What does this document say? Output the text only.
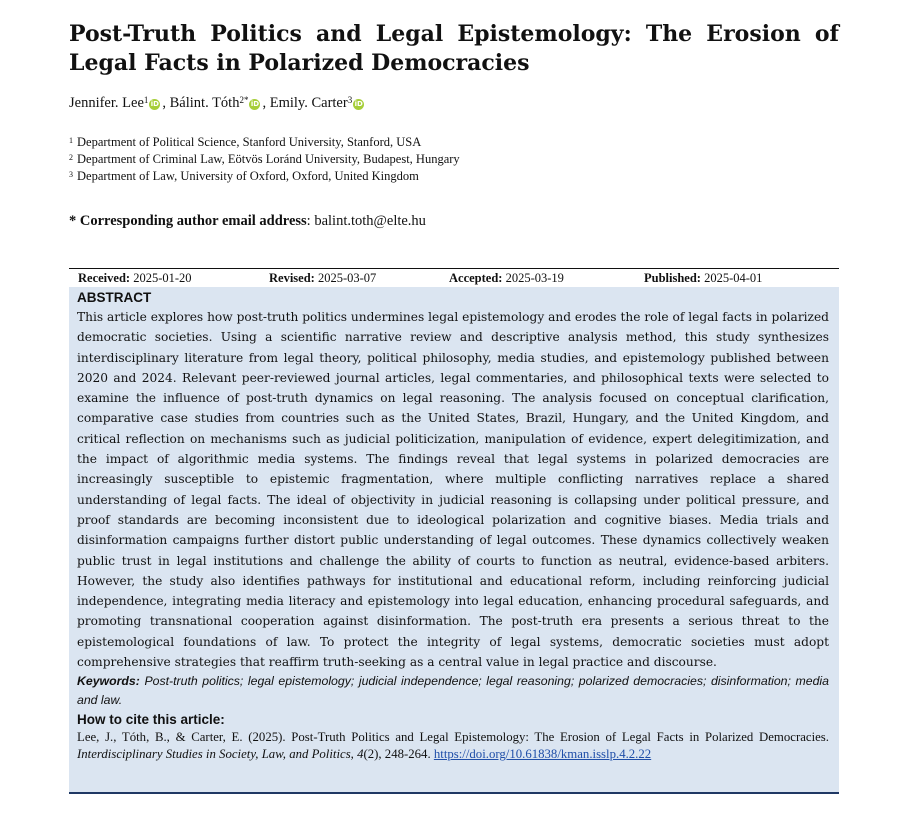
Post-Truth Politics and Legal Epistemology: The Erosion of Legal Facts in Polarized Democracies
Jennifer. Lee$^1$ iD , Bálint. Tóth$^{2*}$ iD , Emily. Carter$^3$ iD
$^1$ Department of Political Science, Stanford University, Stanford, USA
$^2$ Department of Criminal Law, Eötvös Loránd University, Budapest, Hungary
$^3$ Department of Law, University of Oxford, Oxford, United Kingdom
* Corresponding author email address: balint.toth@elte.hu
Received: 2025-01-20	Revised: 2025-03-07	Accepted: 2025-03-19	Published: 2025-04-01
ABSTRACT
This article explores how post-truth politics undermines legal epistemology and erodes the role of legal facts in polarized democratic societies. Using a scientific narrative review and descriptive analysis method, this study synthesizes interdisciplinary literature from legal theory, political philosophy, media studies, and epistemology published between 2020 and 2024. Relevant peer-reviewed journal articles, legal commentaries, and philosophical texts were selected to examine the influence of post-truth dynamics on legal reasoning. The analysis focused on conceptual clarification, comparative case studies from countries such as the United States, Brazil, Hungary, and the United Kingdom, and critical reflection on mechanisms such as judicial politicization, manipulation of evidence, expert delegitimization, and the impact of algorithmic media systems. The findings reveal that legal systems in polarized democracies are increasingly susceptible to epistemic fragmentation, where multiple conflicting narratives replace a shared understanding of legal facts. The ideal of objectivity in judicial reasoning is collapsing under political pressure, and proof standards are becoming inconsistent due to ideological polarization and cognitive biases. Media trials and disinformation campaigns further distort public understanding of legal outcomes. These dynamics collectively weaken public trust in legal institutions and challenge the ability of courts to function as neutral, evidence-based arbiters. However, the study also identifies pathways for institutional and educational reform, including reinforcing judicial independence, integrating media literacy and epistemology into legal education, enhancing procedural safeguards, and promoting transnational cooperation against disinformation. The post-truth era presents a serious threat to the epistemological foundations of law. To protect the integrity of legal systems, democratic societies must adopt comprehensive strategies that reaffirm truth-seeking as a central value in legal practice and discourse.
Keywords: Post-truth politics; legal epistemology; judicial independence; legal reasoning; polarized democracies; disinformation; media and law.
How to cite this article:
Lee, J., Tóth, B., & Carter, E. (2025). Post-Truth Politics and Legal Epistemology: The Erosion of Legal Facts in Polarized Democracies. Interdisciplinary Studies in Society, Law, and Politics, 4(2), 248-264. https://doi.org/10.61838/kman.isslp.4.2.22
